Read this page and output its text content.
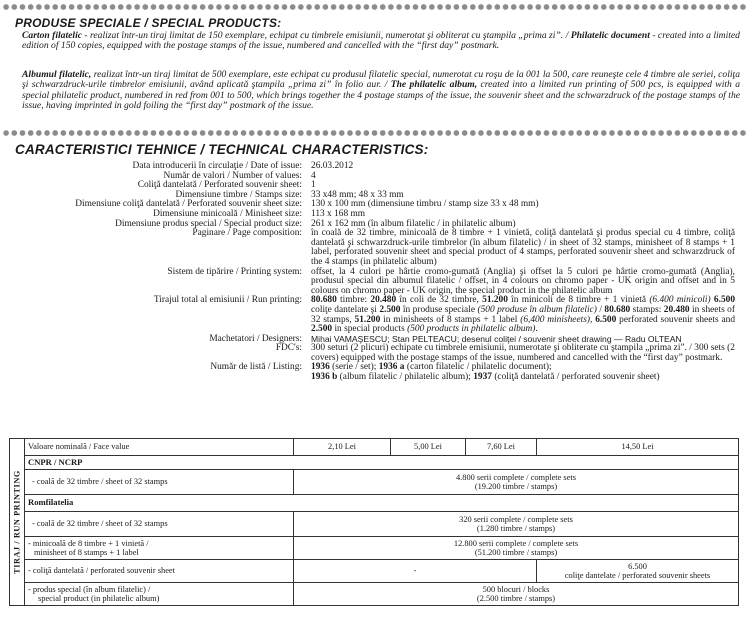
PRODUSE SPECIALE / SPECIAL PRODUCTS:
Carton filatelic - realizat într-un tiraj limitat de 150 exemplare, echipat cu timbrele emisiunii, numerotat şi obliterat cu ştampila „prima zi”. / Philatelic document - created into a limited edition of 150 copies, equipped with the postage stamps of the issue, numbered and cancelled with the “first day” postmark.
Albumul filatelic, realizat într-un tiraj limitat de 500 exemplare, este echipat cu produsul filatelic special, numerotat cu roşu de la 001 la 500, care reuneşte cele 4 timbre ale seriei, coliţa şi schwarzdruck-urile timbrelor emisiunii, având aplicată ştampila „prima zi” în folio aur. / The philatelic album, created into a limited run printing of 500 pcs, is equipped with a special philatelic product, numbered in red from 001 to 500, which brings together the 4 postage stamps of the issue, the souvenir sheet and the schwarzdruck of the postage stamps of the issue, having imprinted in gold foiling the “first day” postmark of the issue.
CARACTERISTICI TEHNICE / TECHNICAL CHARACTERISTICS:
Data introducerii în circulaţie / Date of issue: 26.03.2012
Număr de valori / Number of values: 4
Coliţă dantelată / Perforated souvenir sheet: 1
Dimensiune timbre / Stamps size: 33 x48 mm; 48 x 33 mm
Dimensiune coliţă dantelată / Perforated souvenir sheet size: 130 x 100 mm (dimensiune timbru / stamp size 33 x 48 mm)
Dimensiune minicoală / Minisheet size: 113 x 168 mm
Dimensiune produs special / Special product size: 261 x 162 mm (în album filatelic / in philatelic album)
Paginare / Page composition: în coală de 32 timbre, minicoală de 8 timbre + 1 vinietă, coliţă dantelată şi produs special cu 4 timbre, coliţă dantelată şi schwarzdruck-urile timbrelor (în album filatelic) / in sheet of 32 stamps, minisheet of 8 stamps + 1 label, perforated souvenir sheet and special product of 4 stamps, perforated souvenir sheet and schwarzdruck of the 4 stamps (in philatelic album)
Sistem de tipărire / Printing system: offset, la 4 culori pe hârtie cromo-gumată (Anglia) şi offset la 5 culori pe hârtie cromo-gumată (Anglia), produsul special din albumul filatelic / offset, in 4 colours on chromo paper - UK origin and offset and in 5 colours on chromo paper - UK origin, the special product in the philatelic album
Tirajul total al emisiunii / Run printing: 80.680 timbre: 20.480 în coli de 32 timbre, 51.200 în minicoli de 8 timbre + 1 vinietă (6.400 minicoli) 6.500 coliţe dantelate şi 2.500 în produse speciale (500 produse în album filatelic) / 80.680 stamps: 20.480 in sheets of 32 stamps, 51.200 in minisheets of 8 stamps + 1 label (6,400 minisheets), 6.500 perforated souvenir sheets and 2.500 in special products (500 products in philatelic album).
Machetatori / Designers:	Mihai VAMAŞESCU; Stan PELTEACU; desenul coliţei / souvenir sheet drawing — Radu OLTEAN
FDC's: 300 seturi (2 plicuri) echipate cu timbrele emisiunii, numerotate şi obliterate cu ştampila „prima zi”. / 300 sets (2 covers) equipped with the postage stamps of the issue, numbered and cancelled with the “first day” postmark.
Număr de listă / Listing: 1936 (serie / set); 1936 a (carton filatelic / philatelic document);
1936 b (album filatelic / philatelic album); 1937 (coliţă dantelată / perforated souvenir sheet)
TIRAJ / RUN PRINTING	Valoare nominală / Face value	2,10 Lei	5,00 Lei	7,60 Lei	14,50 Lei
	CNPR / NCRP				
	- coală de 32 timbre / sheet of 32 stamps	4.800 serii complete / complete sets
(19.200 timbre / stamps)			
	Romfilatelia				
	- coală de 32 timbre / sheet of 32 stamps	320 serii complete / complete sets
(1.280 timbre / stamps)			
	- minicoală de 8 timbre + 1 vinietă /
minisheet of 8 stamps + 1 label	12.800 serii complete / complete sets
(51.200 timbre / stamps)			
	- coliţă dantelată / perforated souvenir sheet	-			6.500
coliţe dantelate / perforated souvenir sheets
	- produs special (în album filatelic) /
special product (in philatelic album)	500 blocuri / blocks
(2.500 timbre / stamps)			
